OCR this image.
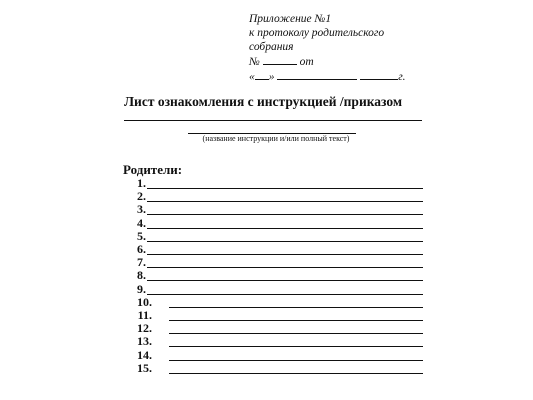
Приложение №1
к протоколу родительского
собрания
№	от
« »	г.
Лист ознакомления с инструкцией /приказом
(название инструкции и/или полный текст)
Родители:
1.
2.
3.
4.
5.
6.
7.
8.
9.
10.
11.
12.
13.
14.
15.
